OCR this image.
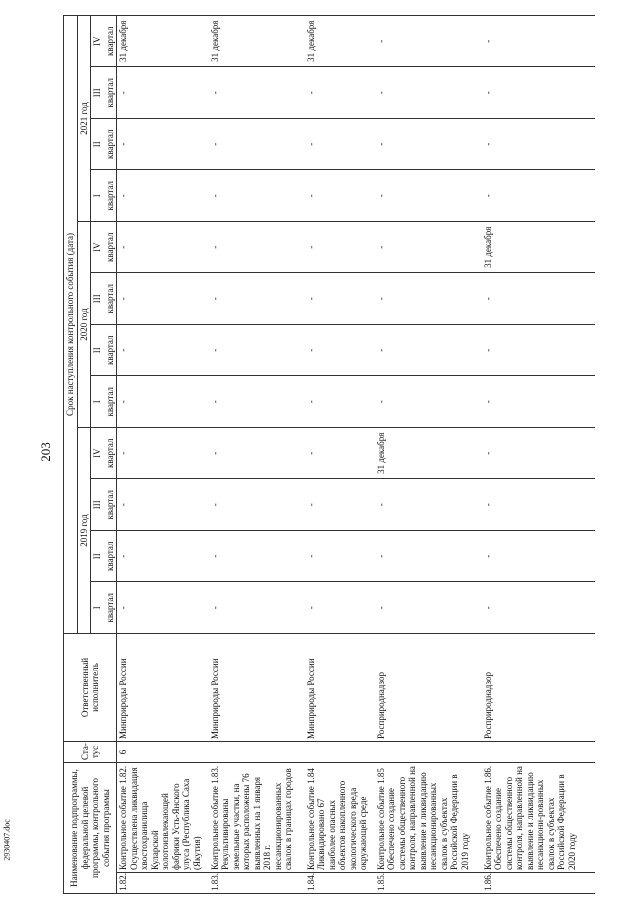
203
2930407.doc	Наименование подпрограммы, федеральной целевой программы, контрольного события программы		Ста-тус	Ответственный исполнитель	Срок наступления контрольного события (дата)											
				2019 год				2020 год				2021 год			
				I	II	III	IV	I	II	III	IV	I	II	III	IV
				квартал	квартал	квартал	квартал	квартал	квартал	квартал	квартал	квартал	квартал	квартал	квартал
1.82.	Контрольное событие 1.82. Осуществлена ликвидация хвостохранилища Куларской золотоизвлекающей фабрики Усть-Янского улуса (Республика Саха (Якутия)	6	Минприроды России	-	-	-	-	-	-	-	-	-	-	-	31 декабря
1.83.	Контрольное событие 1.83. Рекультивированы земельные участки, на которых расположены 76 выявленных на 1 января 2018 г. несанкционированных свалок в границах городов		Минприроды России	-	-	-	-	-	-	-	-	-	-	-	31 декабря
1.84.	Контрольное событие 1.84 Ликвидировано 67 наиболее опасных объектов накопленного экологического вреда окружающей среде		Минприроды России	-	-	-	-	-	-	-	-	-	-	-	31 декабря
1.85.	Контрольное событие 1.85 Обеспечено создание системы общественного контроля, направленной на выявление и ликвидацию несанкционированных свалок в субъектах Российской Федерации в 2019 году		Росприроднадзор	-	-	-	31 декабря	-	-	-	-	-	-	-	-
1.86.	Контрольное событие 1.86. Обеспечено создание системы общественного контроля, направленной на выявление и ликвидацию несанкциони-рованных свалок в субъектах Российской Федерации в 2020 году		Росприроднадзор	-	-	-	-	-	-	-	31 декабря	-	-	-	-
